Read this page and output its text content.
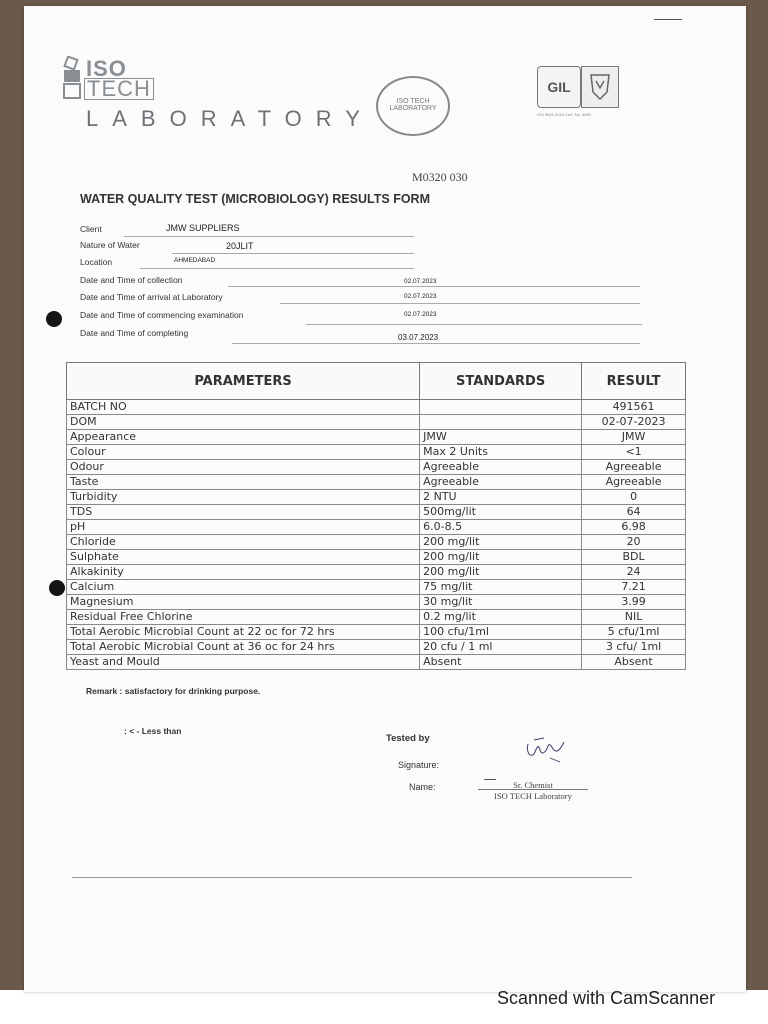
ISO
TECH
LABORATORY
ISO TECH LABORATORY
GIL
ISO 9001:2015 Cert. No. 6890
M0320 030
WATER QUALITY TEST (MICROBIOLOGY) RESULTS FORM
Client	JMW SUPPLIERS
Nature of Water	20JLIT
Location	AHMEDABAD
Date and Time of collection	02.07.2023
Date and Time of arrival at Laboratory	02.07.2023
Date and Time of commencing examination	02.07.2023
Date and Time of completing	03.07.2023
PARAMETERS	STANDARDS	RESULT
BATCH NO		491561
DOM		02-07-2023
Appearance	JMW	JMW
Colour	Max 2 Units	<1
Odour	Agreeable	Agreeable
Taste	Agreeable	Agreeable
Turbidity	2 NTU	0
TDS	500mg/lit	64
pH	6.0-8.5	6.98
Chloride	200 mg/lit	20
Sulphate	200 mg/lit	BDL
Alkakinity	200 mg/lit	24
Calcium	75 mg/lit	7.21
Magnesium	30 mg/lit	3.99
Residual Free Chlorine	0.2 mg/lit	NIL
Total Aerobic Microbial Count at 22 oc for 72 hrs	100 cfu/1ml	5 cfu/1ml
Total Aerobic Microbial Count at 36 oc for 24 hrs	20 cfu / 1 ml	3 cfu/ 1ml
Yeast and Mould	Absent	Absent
Remark : satisfactory for drinking purpose.
: < - Less than
Tested by
Signature:
Name:	Sr. Chemist
ISO TECH Laboratory
Scanned with CamScanner
